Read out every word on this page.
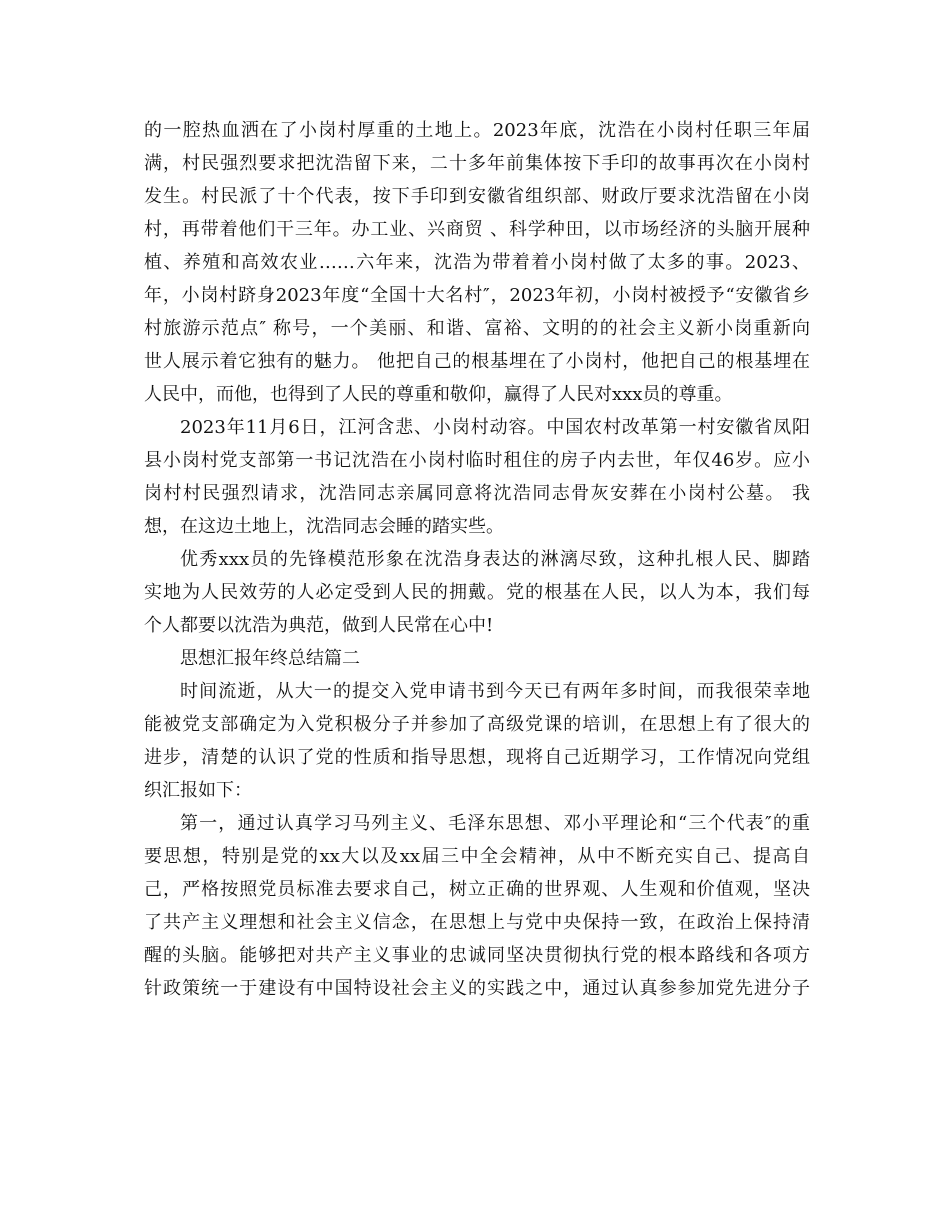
的一腔热血洒在了小岗村厚重的土地上。2023年底，沈浩在小岗村任职三年届
满，村民强烈要求把沈浩留下来，二十多年前集体按下手印的故事再次在小岗村
发生。村民派了十个代表，按下手印到安徽省组织部、财政厅要求沈浩留在小岗
村，再带着他们干三年。办工业、兴商贸 、科学种田，以市场经济的头脑开展种
植、养殖和高效农业……六年来，沈浩为带着着小岗村做了太多的事。2023、
年，小岗村跻身2023年度“全国十大名村″，2023年初，小岗村被授予“安徽省乡
村旅游示范点″ 称号，一个美丽、和谐、富裕、文明的的社会主义新小岗重新向
世人展示着它独有的魅力。 他把自己的根基埋在了小岗村，他把自己的根基埋在
人民中，而他，也得到了人民的尊重和敬仰，赢得了人民对xxx员的尊重。
2023年11月6日，江河含悲、小岗村动容。中国农村改革第一村安徽省凤阳
县小岗村党支部第一书记沈浩在小岗村临时租住的房子内去世，年仅46岁。应小
岗村村民强烈请求，沈浩同志亲属同意将沈浩同志骨灰安葬在小岗村公墓。 我
想，在这边土地上，沈浩同志会睡的踏实些。
优秀xxx员的先锋模范形象在沈浩身表达的淋漓尽致，这种扎根人民、脚踏
实地为人民效劳的人必定受到人民的拥戴。党的根基在人民，以人为本，我们每
个人都要以沈浩为典范，做到人民常在心中!
思想汇报年终总结篇二
时间流逝，从大一的提交入党申请书到今天已有两年多时间，而我很荣幸地
能被党支部确定为入党积极分子并参加了高级党课的培训，在思想上有了很大的
进步，清楚的认识了党的性质和指导思想，现将自己近期学习，工作情况向党组
织汇报如下：
第一，通过认真学习马列主义、毛泽东思想、邓小平理论和“三个代表″的重
要思想，特别是党的xx大以及xx届三中全会精神，从中不断充实自己、提高自
己，严格按照党员标准去要求自己，树立正确的世界观、人生观和价值观，坚决
了共产主义理想和社会主义信念，在思想上与党中央保持一致，在政治上保持清
醒的头脑。能够把对共产主义事业的忠诚同坚决贯彻执行党的根本路线和各项方
针政策统一于建设有中国特设社会主义的实践之中，通过认真参参加党先进分子
